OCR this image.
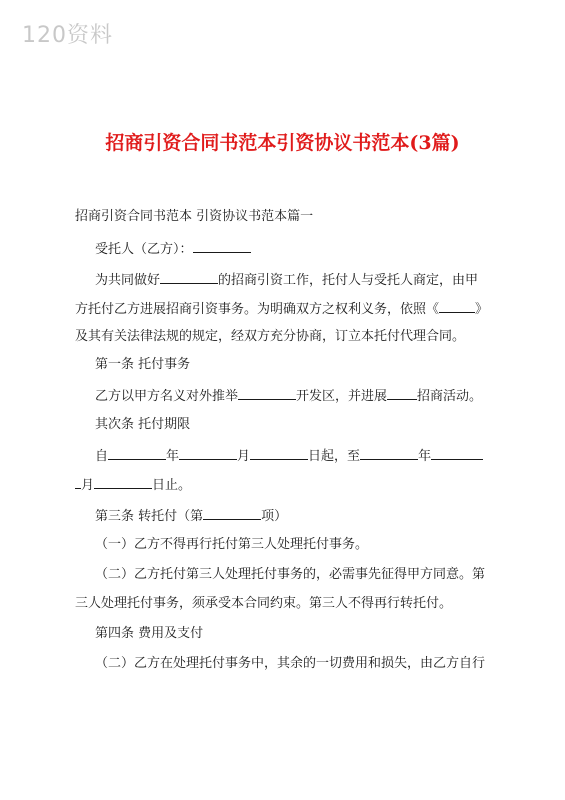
120资料
招商引资合同书范本引资协议书范本(3篇)
招商引资合同书范本 引资协议书范本篇一
受托人（乙方）：
为共同做好	的招商引资工作，托付人与受托人商定，由甲
方托付乙方进展招商引资事务。为明确双方之权利义务，依照《	》
及其有关法律法规的规定，经双方充分协商，订立本托付代理合同。
第一条 托付事务
乙方以甲方名义对外推举	开发区，并进展 招商活动。
其次条 托付期限
自	年	月	日起，至	年
月	日止。
第三条 转托付（第	项）
（一）乙方不得再行托付第三人处理托付事务。
（二）乙方托付第三人处理托付事务的，必需事先征得甲方同意。第
三人处理托付事务，须承受本合同约束。第三人不得再行转托付。
第四条 费用及支付
（二）乙方在处理托付事务中，其余的一切费用和损失，由乙方自行
